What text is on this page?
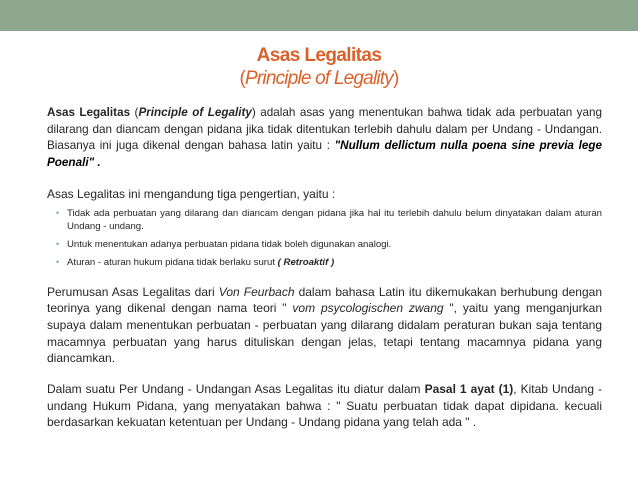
Asas Legalitas
(Principle of Legality)

Asas Legalitas (Principle of Legality) adalah asas yang menentukan bahwa tidak ada perbuatan yang dilarang dan diancam dengan pidana jika tidak ditentukan terlebih dahulu dalam per Undang - Undangan. Biasanya ini juga dikenal dengan bahasa latin yaitu : "Nullum dellictum nulla poena sine previa lege Poenali" .

Asas Legalitas ini mengandung tiga pengertian, yaitu :

• Tidak ada perbuatan yang dilarang dan diancam dengan pidana jika hal itu terlebih dahulu belum dinyatakan dalam aturan Undang - undang.
• Untuk menentukan adanya perbuatan pidana tidak boleh digunakan analogi.
• Aturan - aturan hukum pidana tidak berlaku surut ( Retroaktif )

Perumusan Asas Legalitas dari Von Feurbach dalam bahasa Latin itu dikemukakan berhubung dengan teorinya yang dikenal dengan nama teori " vom psycologischen zwang ", yaitu yang menganjurkan supaya dalam menentukan perbuatan - perbuatan yang dilarang didalam peraturan bukan saja tentang macamnya perbuatan yang harus dituliskan dengan jelas, tetapi tentang macamnya pidana yang diancamkan.

Dalam suatu Per Undang - Undangan Asas Legalitas itu diatur dalam Pasal 1 ayat (1), Kitab Undang - undang Hukum Pidana, yang menyatakan bahwa : " Suatu perbuatan tidak dapat dipidana. kecuali berdasarkan kekuatan ketentuan per Undang - Undang pidana yang telah ada " .
